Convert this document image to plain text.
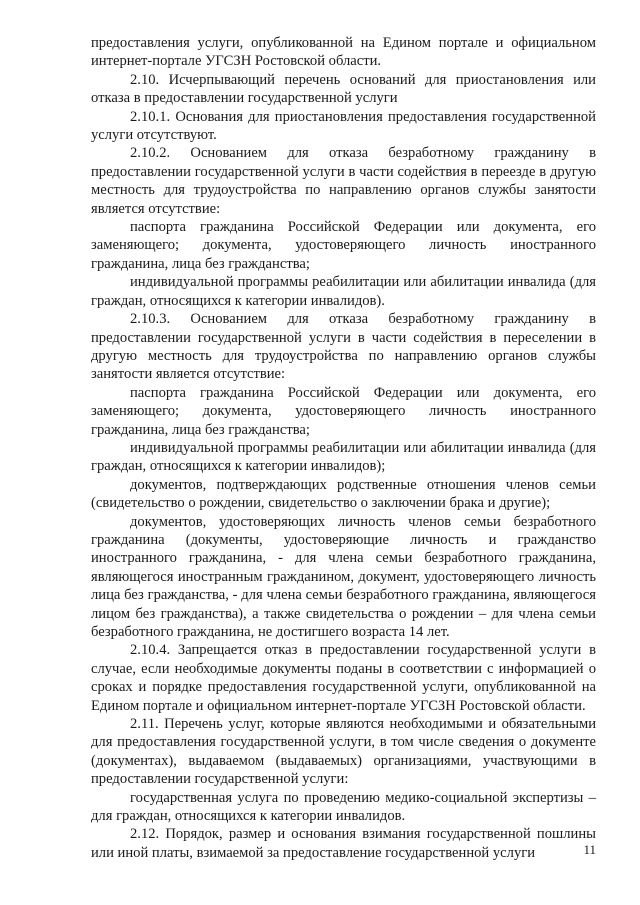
предоставления услуги, опубликованной на Едином портале и официальном интернет-портале УГСЗН Ростовской области.

2.10. Исчерпывающий перечень оснований для приостановления или отказа в предоставлении государственной услуги

2.10.1. Основания для приостановления предоставления государственной услуги отсутствуют.

2.10.2. Основанием для отказа безработному гражданину в предоставлении государственной услуги в части содействия в переезде в другую местность для трудоустройства по направлению органов службы занятости является отсутствие:

паспорта гражданина Российской Федерации или документа, его заменяющего; документа, удостоверяющего личность иностранного гражданина, лица без гражданства;

индивидуальной программы реабилитации или абилитации инвалида (для граждан, относящихся к категории инвалидов).

2.10.3. Основанием для отказа безработному гражданину в предоставлении государственной услуги в части содействия в переселении в другую местность для трудоустройства по направлению органов службы занятости является отсутствие:

паспорта гражданина Российской Федерации или документа, его заменяющего; документа, удостоверяющего личность иностранного гражданина, лица без гражданства;

индивидуальной программы реабилитации или абилитации инвалида (для граждан, относящихся к категории инвалидов);

документов, подтверждающих родственные отношения членов семьи (свидетельство о рождении, свидетельство о заключении брака и другие);

документов, удостоверяющих личность членов семьи безработного гражданина (документы, удостоверяющие личность и гражданство иностранного гражданина, - для члена семьи безработного гражданина, являющегося иностранным гражданином, документ, удостоверяющего личность лица без гражданства, - для члена семьи безработного гражданина, являющегося лицом без гражданства), а также свидетельства о рождении – для члена семьи безработного гражданина, не достигшего возраста 14 лет.

2.10.4. Запрещается отказ в предоставлении государственной услуги в случае, если необходимые документы поданы в соответствии с информацией о сроках и порядке предоставления государственной услуги, опубликованной на Едином портале и официальном интернет-портале УГСЗН Ростовской области.

2.11. Перечень услуг, которые являются необходимыми и обязательными для предоставления государственной услуги, в том числе сведения о документе (документах), выдаваемом (выдаваемых) организациями, участвующими в предоставлении государственной услуги:

государственная услуга по проведению медико-социальной экспертизы – для граждан, относящихся к категории инвалидов.

2.12. Порядок, размер и основания взимания государственной пошлины или иной платы, взимаемой за предоставление государственной услуги	11
